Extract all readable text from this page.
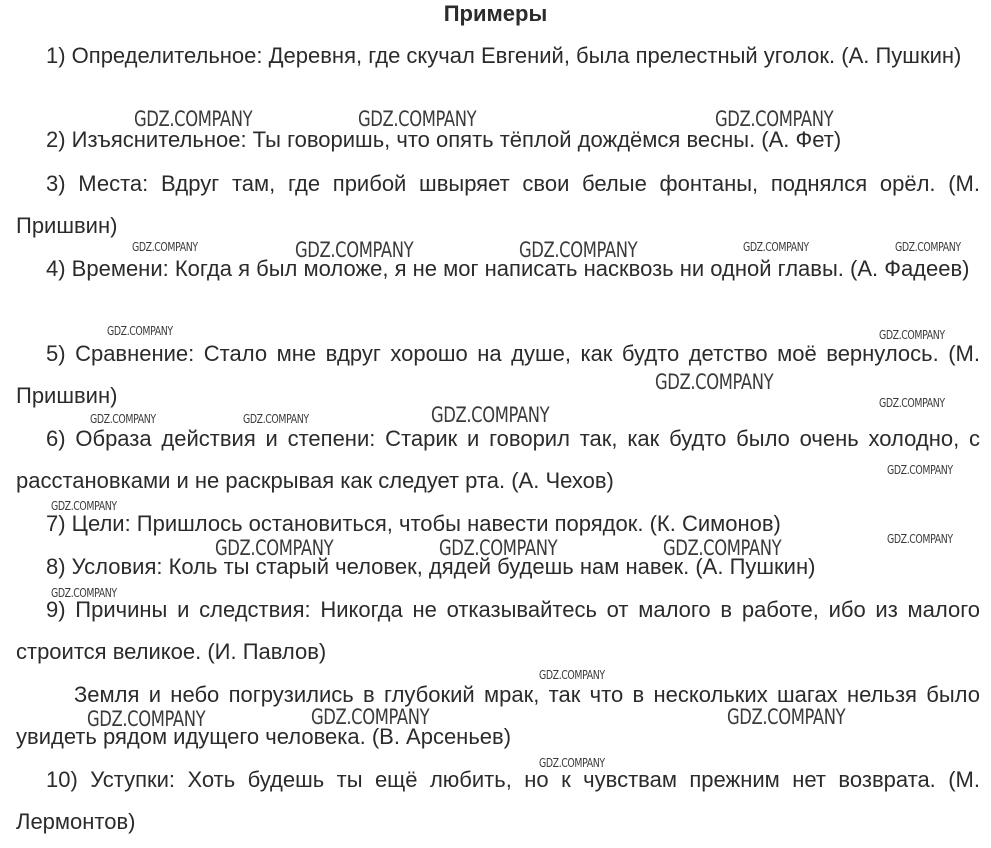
Примеры
1) Определительное: Деревня, где скучал Евгений, была прелестный уголок. (А. Пушкин)
2) Изъяснительное: Ты говоришь, что опять тёплой дождёмся весны. (А. Фет)
3) Места: Вдруг там, где прибой швыряет свои белые фонтаны, поднялся орёл. (М. Пришвин)
4) Времени: Когда я был моложе, я не мог написать насквозь ни одной главы. (А. Фадеев)
5) Сравнение: Стало мне вдруг хорошо на душе, как будто детство моё вернулось. (М. Пришвин)
6) Образа действия и степени: Старик и говорил так, как будто было очень холодно, с расстановками и не раскрывая как следует рта. (А. Чехов)
7) Цели: Пришлось остановиться, чтобы навести порядок. (К. Симонов)
8) Условия: Коль ты старый человек, дядей будешь нам навек. (А. Пушкин)
9) Причины и следствия: Никогда не отказывайтесь от малого в работе, ибо из малого строится великое. (И. Павлов)
Земля и небо погрузились в глубокий мрак, так что в нескольких шагах нельзя было увидеть рядом идущего человека. (В. Арсеньев)
10) Уступки: Хоть будешь ты ещё любить, но к чувствам прежним нет возврата. (М. Лермонтов)
GDZ.COMPANY	GDZ.COMPANY	GDZ.COMPANY
GDZ.COMPANY	GDZ.COMPANY	GDZ.COMPANY	GDZ.COMPANY	GDZ.COMPANY
GDZ.COMPANY	GDZ.COMPANY
GDZ.COMPANY
GDZ.COMPANY
GDZ.COMPANY	GDZ.COMPANY	GDZ.COMPANY
GDZ.COMPANY
GDZ.COMPANY
GDZ.COMPANY
GDZ.COMPANY	GDZ.COMPANY	GDZ.COMPANY
GDZ.COMPANY
GDZ.COMPANY
GDZ.COMPANY	GDZ.COMPANY	GDZ.COMPANY
GDZ.COMPANY
